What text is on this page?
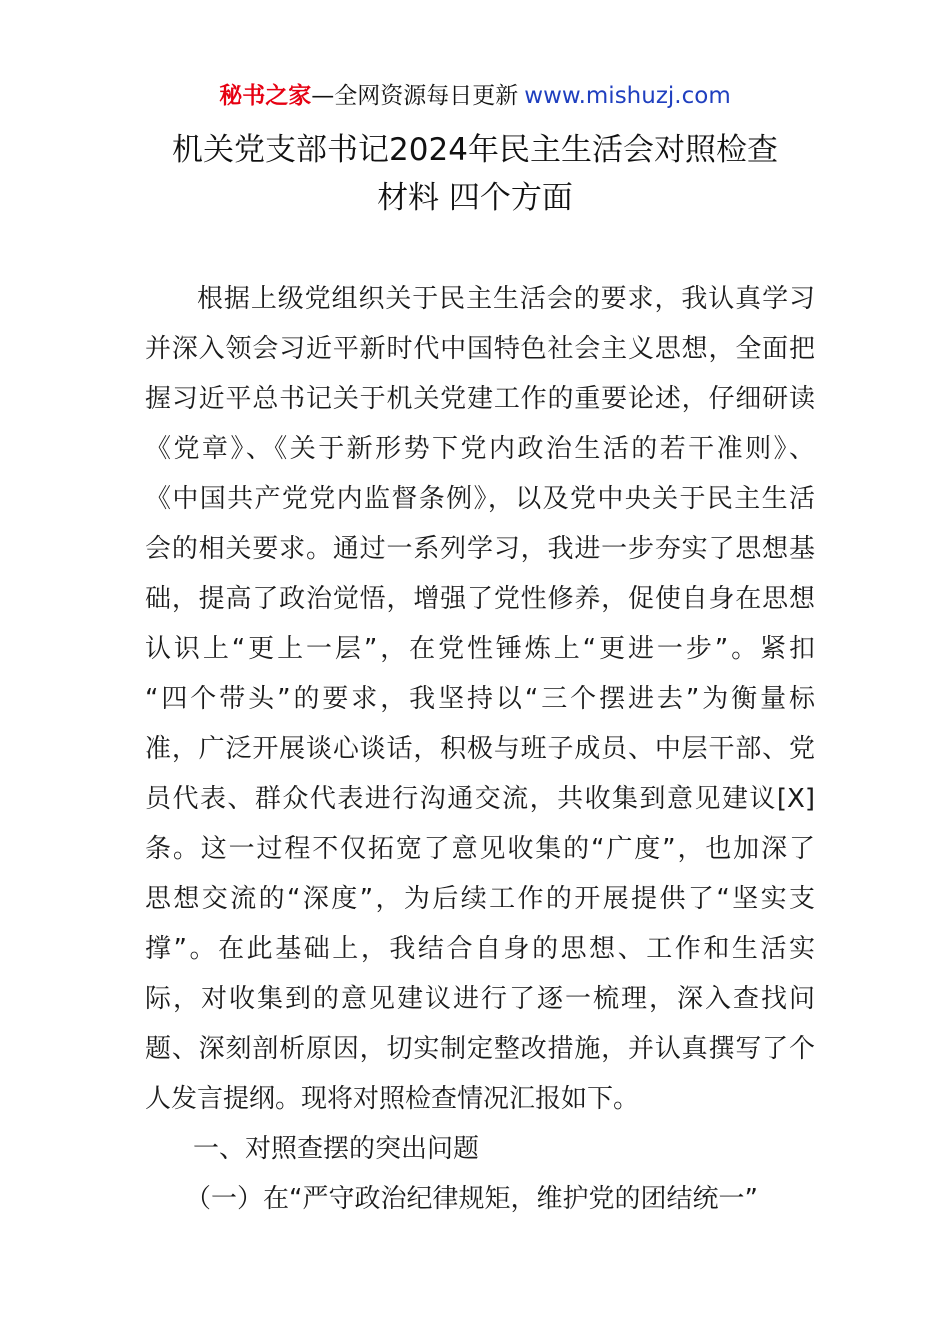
秘书之家—全网资源每日更新 www.mishuzj.com
机关党支部书记2024年民主生活会对照检查
材料 四个方面
根据上级党组织关于民主生活会的要求，我认真学习
并深入领会习近平新时代中国特色社会主义思想，全面把
握习近平总书记关于机关党建工作的重要论述，仔细研读
《党章》、《关于新形势下党内政治生活的若干准则》、
《中国共产党党内监督条例》，以及党中央关于民主生活
会的相关要求。通过一系列学习，我进一步夯实了思想基
础，提高了政治觉悟，增强了党性修养，促使自身在思想
认识上“更上一层”，在党性锤炼上“更进一步”。紧扣
“四个带头”的要求，我坚持以“三个摆进去”为衡量标
准，广泛开展谈心谈话，积极与班子成员、中层干部、党
员代表、群众代表进行沟通交流，共收集到意见建议[X]
条。这一过程不仅拓宽了意见收集的“广度”，也加深了
思想交流的“深度”，为后续工作的开展提供了“坚实支
撑”。在此基础上，我结合自身的思想、工作和生活实
际，对收集到的意见建议进行了逐一梳理，深入查找问
题、深刻剖析原因，切实制定整改措施，并认真撰写了个
人发言提纲。现将对照检查情况汇报如下。
一、对照查摆的突出问题
（一）在“严守政治纪律规矩，维护党的团结统一”
